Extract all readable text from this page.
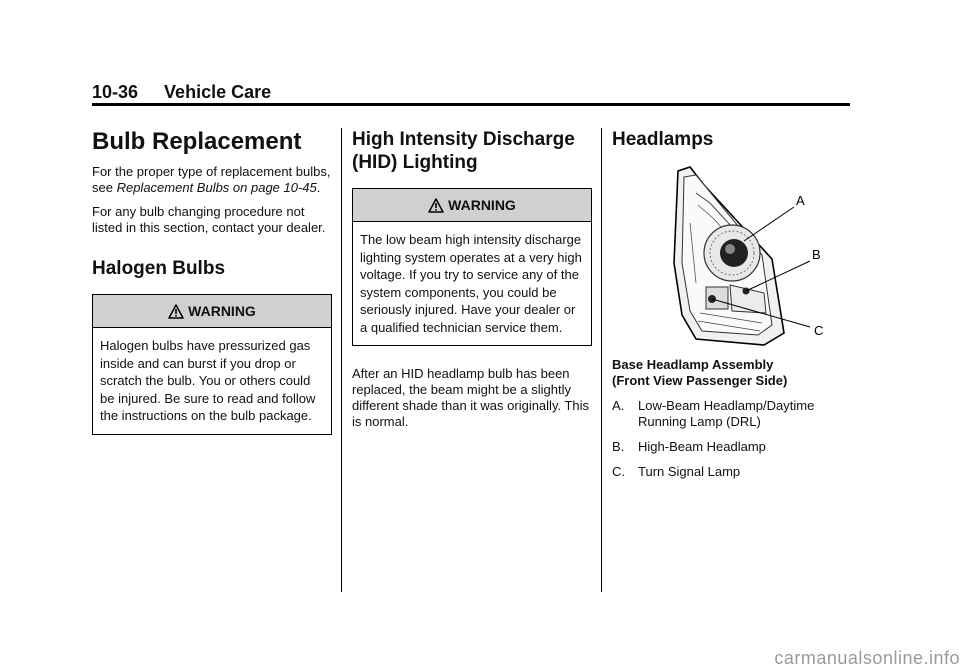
10-36 Vehicle Care
Bulb Replacement

For the proper type of replacement bulbs, see Replacement Bulbs on page 10-45.

For any bulb changing procedure not listed in this section, contact your dealer.

Halogen Bulbs
WARNING
Halogen bulbs have pressurized gas inside and can burst if you drop or scratch the bulb. You or others could be injured. Be sure to read and follow the instructions on the bulb package.
High Intensity Discharge
(HID) Lighting
WARNING
The low beam high intensity discharge lighting system operates at a very high voltage. If you try to service any of the system components, you could be seriously injured. Have your dealer or a qualified technician service them.

After an HID headlamp bulb has been replaced, the beam might be a slightly different shade than it was originally. This is normal.

Headlamps
A
B
C
Base Headlamp Assembly
(Front View Passenger Side)
A.	Low-Beam Headlamp/Daytime Running Lamp (DRL)
B.	High-Beam Headlamp
C.	Turn Signal Lamp
carmanualsonline.info
